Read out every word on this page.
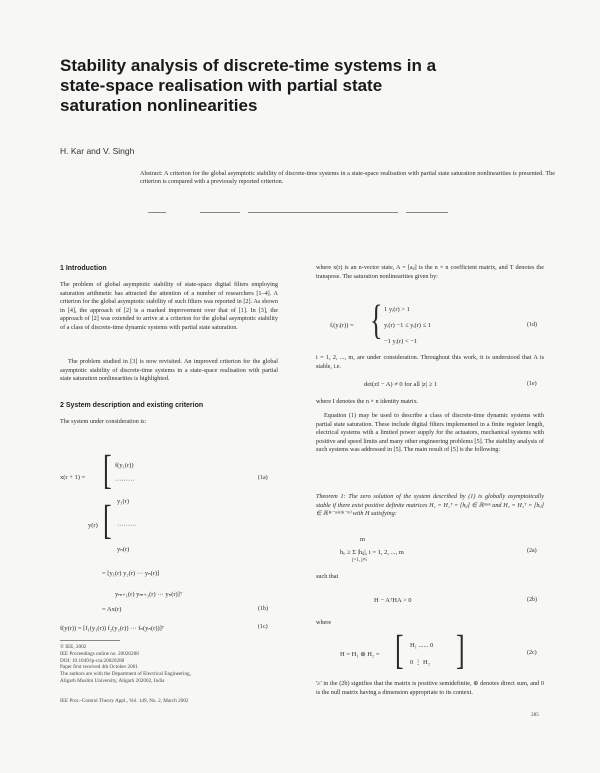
Stability analysis of discrete-time systems in a state-space realisation with partial state saturation nonlinearities
H. Kar and V. Singh
Abstract: A criterion for the global asymptotic stability of discrete-time systems in a state-space realisation with partial state saturation nonlinearities is presented. The criterion is compared with a previously reported criterion.
1 Introduction
The problem of global asymptotic stability of state-space digital filters employing saturation arithmetic has attracted the attention of a number of researchers [1–4]. A criterion for the global asymptotic stability of such filters was reported in [2]. As shown in [4], the approach of [2] is a marked improvement over that of [1]. In [3], the approach of [2] was extended to arrive at a criterion for the global asymptotic stability of a class of discrete-time dynamic systems with partial state saturation.
The problem studied in [3] is now revisited. An improved criterion for the global asymptotic stability of discrete-time systems in a state-space realisation with partial state saturation nonlinearities is highlighted.
2 System description and existing criterion
The system under consideration is:
x(r + 1) = [ f(y₁(r))
·········	(1a)
y(r) [ y₁(r)
·········
yₙ(r)
= [y₁(r) y₂(r) ··· yₙ(r)]
yₘ₊₁(r) yₘ₊₂(r) ··· yₙ(r)]ᵀ
= Ax(r)	(1b)
f(y(r)) = [f₁(y₁(r)) f₂(y₂(r)) ··· fₙ(yₙ(r))]ᵀ	(1c)
© IEE, 2002
IEE Proceedings online no. 20020288
DOI: 10.1049/ip-cta:20020288
Paper first received 4th October 2001
The authors are with the Department of Electrical Engineering,
Aligarh Muslim University, Aligarh 202002, India
IEE Proc.-Control Theory Appl., Vol. 149, No. 2, March 2002
where x(r) is an n-vector state, A = [aᵢⱼ] is the n × n coefficient matrix, and T denotes the transpose. The saturation nonlinearities given by:
fᵢ(yᵢ(r)) = { 1 yᵢ(r) > 1
yᵢ(r) −1 ≤ yᵢ(r) ≤ 1
−1 yᵢ(r) < −1
(1d)
i = 1, 2, ..., m, are under consideration. Throughout this work, it is understood that A is stable, i.e.
det(zI − A) ≠ 0 for all |z| ≥ 1	(1e)
where I denotes the n × n identity matrix.
Equation (1) may be used to describe a class of discrete-time dynamic systems with partial state saturation. These include digital filters implemented in a finite register length, electrical systems with a limited power supply for the actuators, mechanical systems with positive and speed limits and many other engineering problems [5]. The stability analysis of such systems was addressed in [5]. The main result of [5] is the following:
Theorem 1: The zero solution of the system described by (1) is globally asymptotically stable if there exist positive definite matrices H₁ = H₁ᵀ = [hᵢⱼ] ∈ ℝᵐˣᵐ and H₂ = H₂ᵀ = [hᵢⱼ] ∈ ℝ⁽ⁿ⁻ᵐ⁾ˣ⁽ⁿ⁻ᵐ⁾ with H satisfying:
m
hᵢᵢ ≥ Σ |hᵢⱼ|, i = 1, 2, ..., m
j=1, j≠i
(2a)
such that
H − AᵀHA > 0	(2b)
where
H = H₁ ⊕ H₂ = [ H₁ ...... 0
0 ⋮ H₂ ]	(2c)
'≥' in the (2b) signifies that the matrix is positive semidefinite, ⊕ denotes direct sum, and 0 is the null matrix having a dimension appropriate to its context.
285
